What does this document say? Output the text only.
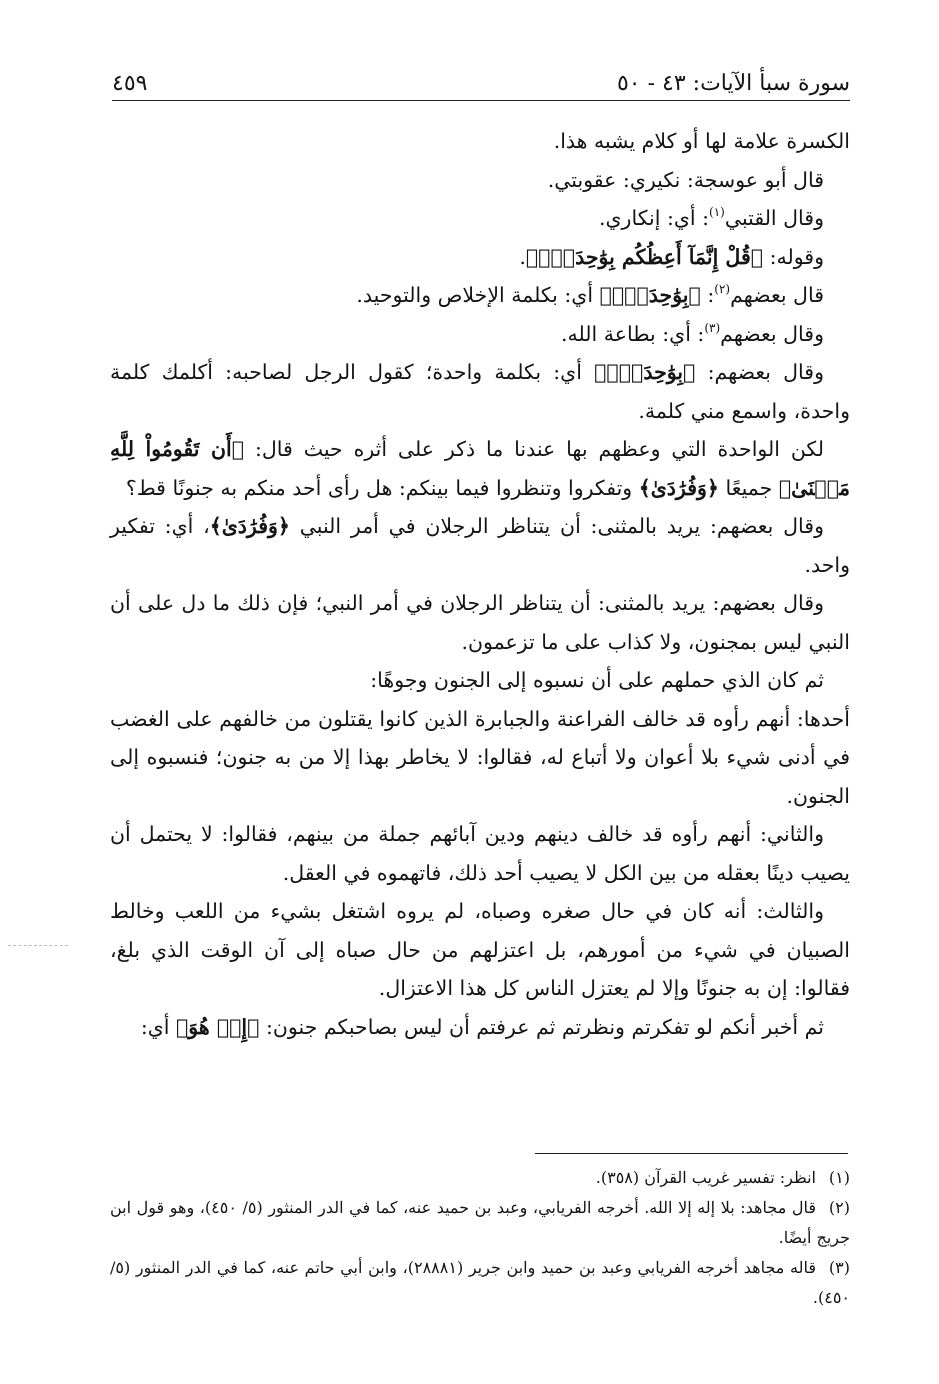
سورة سبأ الآيات: ٤٣ - ٥٠
٤٥٩

الكسرة علامة لها أو كلام يشبه هذا.

قال أبو عوسجة: نكيري: عقوبتي.

وقال القتبي$^{(١)}$: أي: إنكاري.

وقوله: ﴿قُلْ إِنَّمَآ أَعِظُكُم بِوَٰحِدَةٍۖ﴾.

قال بعضهم$^{(٢)}$: ﴿بِوَٰحِدَةٍۖ﴾ أي: بكلمة الإخلاص والتوحيد.

وقال بعضهم$^{(٣)}$: أي: بطاعة الله.

وقال بعضهم: ﴿بِوَٰحِدَةٍۖ﴾ أي: بكلمة واحدة؛ كقول الرجل لصاحبه: أكلمك كلمة واحدة، واسمع مني كلمة.

لكن الواحدة التي وعظهم بها عندنا ما ذكر على أثره حيث قال: ﴿أَن تَقُومُواْ لِلَّهِ مَثۡنَىٰ﴾ جميعًا ﴿وَفُرَٰدَىٰ﴾ وتفكروا وتنظروا فيما بينكم: هل رأى أحد منكم به جنونًا قط؟

وقال بعضهم: يريد بالمثنى: أن يتناظر الرجلان في أمر النبي ﴿وَفُرَٰدَىٰ﴾، أي: تفكير واحد.

وقال بعضهم: يريد بالمثنى: أن يتناظر الرجلان في أمر النبي؛ فإن ذلك ما دل على أن النبي ليس بمجنون، ولا كذاب على ما تزعمون.

ثم كان الذي حملهم على أن نسبوه إلى الجنون وجوهًا:

أحدها: أنهم رأوه قد خالف الفراعنة والجبابرة الذين كانوا يقتلون من خالفهم على الغضب في أدنى شيء بلا أعوان ولا أتباع له، فقالوا: لا يخاطر بهذا إلا من به جنون؛ فنسبوه إلى الجنون.

والثاني: أنهم رأوه قد خالف دينهم ودين آبائهم جملة من بينهم، فقالوا: لا يحتمل أن يصيب دينًا بعقله من بين الكل لا يصيب أحد ذلك، فاتهموه في العقل.

والثالث: أنه كان في حال صغره وصباه، لم يروه اشتغل بشيء من اللعب وخالط الصبيان في شيء من أمورهم، بل اعتزلهم من حال صباه إلى آن الوقت الذي بلغ، فقالوا: إن به جنونًا وإلا لم يعتزل الناس كل هذا الاعتزال.

ثم أخبر أنكم لو تفكرتم ونظرتم ثم عرفتم أن ليس بصاحبكم جنون: ﴿إِنۡ هُوَ﴾ أي:

(١)انظر: تفسير غريب القرآن (٣٥٨).

(٢)قال مجاهد: بلا إله إلا الله. أخرجه الفريابي، وعبد بن حميد عنه، كما في الدر المنثور (٥/ ٤٥٠)، وهو قول ابن جريج أيضًا.

(٣)قاله مجاهد أخرجه الفريابي وعبد بن حميد وابن جرير (٢٨٨٨١)، وابن أبي حاتم عنه، كما في الدر المنثور (٥/ ٤٥٠).
